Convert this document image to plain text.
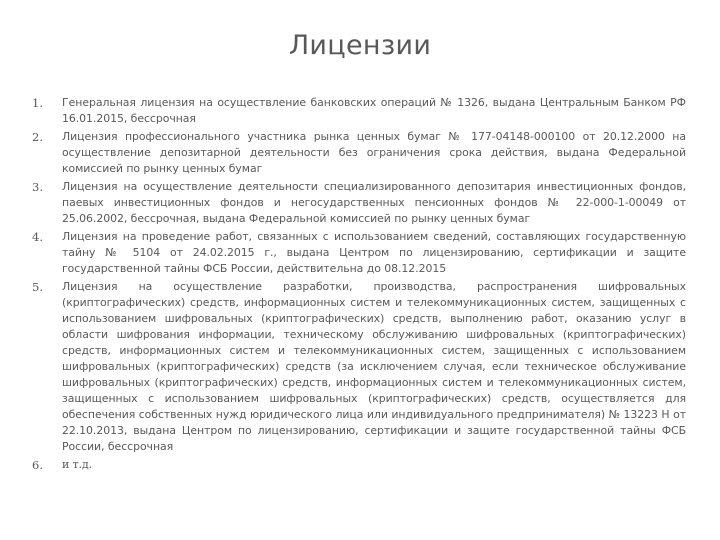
Лицензии
1.	Генеральная лицензия на осуществление банковских операций № 1326, выдана Центральным Банком РФ 16.01.2015, бессрочная
2.	Лицензия профессионального участника рынка ценных бумаг № 177-04148-000100 от 20.12.2000 на осуществление депозитарной деятельности без ограничения срока действия, выдана Федеральной комиссией по рынку ценных бумаг
3.	Лицензия на осуществление деятельности специализированного депозитария инвестиционных фондов, паевых инвестиционных фондов и негосударственных пенсионных фондов № 22-000-1-00049 от 25.06.2002, бессрочная, выдана Федеральной комиссией по рынку ценных бумаг
4.	Лицензия на проведение работ, связанных с использованием сведений, составляющих государственную тайну № 5104 от 24.02.2015 г., выдана Центром по лицензированию, сертификации и защите государственной тайны ФСБ России, действительна до 08.12.2015
5.	Лицензия на осуществление разработки, производства, распространения шифровальных (криптографических) средств, информационных систем и телекоммуникационных систем, защищенных с использованием шифровальных (криптографических) средств, выполнению работ, оказанию услуг в области шифрования информации, техническому обслуживанию шифровальных (криптографических) средств, информационных систем и телекоммуникационных систем, защищенных с использованием шифровальных (криптографических) средств (за исключением случая, если техническое обслуживание шифровальных (криптографических) средств, информационных систем и телекоммуникационных систем, защищенных с использованием шифровальных (криптографических) средств, осуществляется для обеспечения собственных нужд юридического лица или индивидуального предпринимателя) № 13223 Н от 22.10.2013, выдана Центром по лицензированию, сертификации и защите государственной тайны ФСБ России, бессрочная
6.	и т.д.
